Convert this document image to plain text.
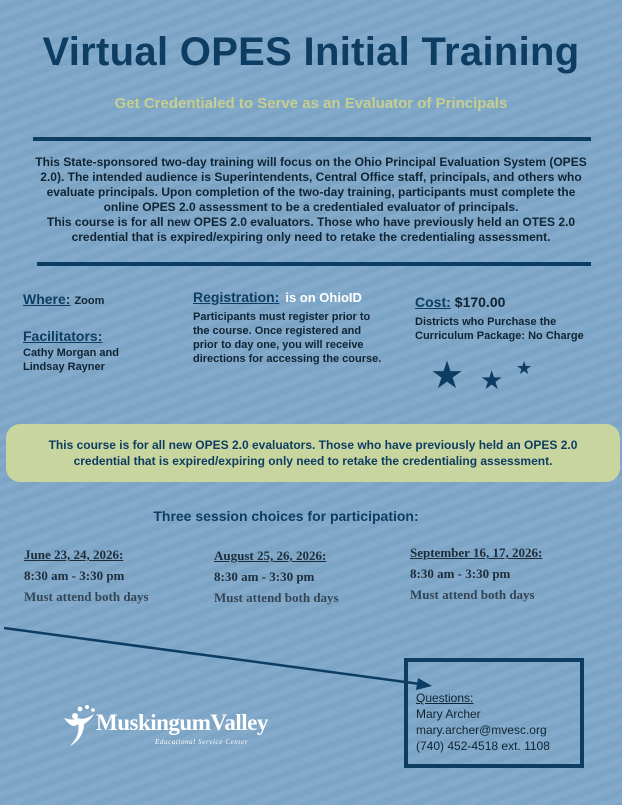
Virtual OPES Initial Training
Get Credentialed to Serve as an Evaluator of Principals

This State-sponsored two-day training will focus on the Ohio Principal Evaluation System (OPES 2.0). The intended audience is Superintendents, Central Office staff, principals, and others who evaluate principals. Upon completion of the two-day training, participants must complete the online OPES 2.0 assessment to be a credentialed evaluator of principals.

This course is for all new OPES 2.0 evaluators. Those who have previously held an OTES 2.0 credential that is expired/expiring only need to retake the credentialing assessment.

Where: Zoom
Facilitators:
Cathy Morgan and Lindsay Rayner
Registration: is on OhioID
Participants must register prior to the course. Once registered and prior to day one, you will receive directions for accessing the course.
Cost: $170.00
Districts who Purchase the Curriculum Package: No Charge
★ ★ ★

This course is for all new OPES 2.0 evaluators. Those who have previously held an OPES 2.0 credential that is expired/expiring only need to retake the credentialing assessment.

Three session choices for participation:
June 23, 24, 2026:
8:30 am - 3:30 pm
Must attend both days
August 25, 26, 2026:
8:30 am - 3:30 pm
Must attend both days
September 16, 17, 2026:
8:30 am - 3:30 pm
Must attend both days
Questions:
Mary Archer
mary.archer@mvesc.org
(740) 452-4518 ext. 1108
MuskingumValley
Educational Service Center
